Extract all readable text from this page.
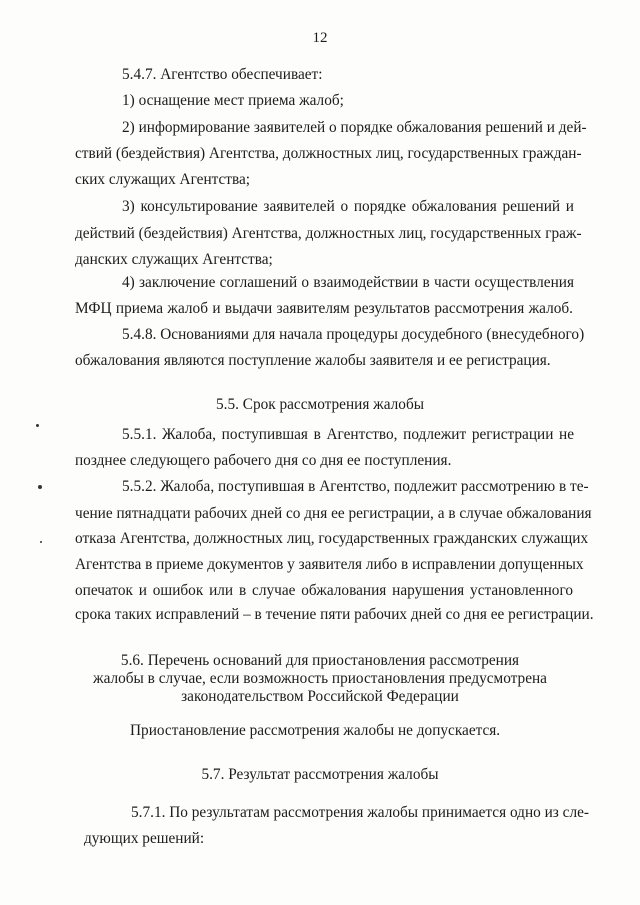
12

5.4.7. Агентство обеспечивает:

1) оснащение мест приема жалоб;

2) информирование заявителей о порядке обжалования решений и дей-

ствий (бездействия) Агентства, должностных лиц, государственных граждан-

ских служащих Агентства;

3) консультирование заявителей о порядке обжалования решений и

действий (бездействия) Агентства, должностных лиц, государственных граж-

данских служащих Агентства;

4) заключение соглашений о взаимодействии в части осуществления

МФЦ приема жалоб и выдачи заявителям результатов рассмотрения жалоб.

5.4.8. Основаниями для начала процедуры досудебного (внесудебного)

обжалования являются поступление жалобы заявителя и ее регистрация.

5.5. Срок рассмотрения жалобы

5.5.1. Жалоба, поступившая в Агентство, подлежит регистрации не

позднее следующего рабочего дня со дня ее поступления.

5.5.2. Жалоба, поступившая в Агентство, подлежит рассмотрению в те-

чение пятнадцати рабочих дней со дня ее регистрации, а в случае обжалования

отказа Агентства, должностных лиц, государственных гражданских служащих

Агентства в приеме документов у заявителя либо в исправлении допущенных

опечаток и ошибок или в случае обжалования нарушения установленного

срока таких исправлений – в течение пяти рабочих дней со дня ее регистрации.

5.6. Перечень оснований для приостановления рассмотрения

жалобы в случае, если возможность приостановления предусмотрена

законодательством Российской Федерации

Приостановление рассмотрения жалобы не допускается.

5.7. Результат рассмотрения жалобы

5.7.1. По результатам рассмотрения жалобы принимается одно из сле-

дующих решений:
